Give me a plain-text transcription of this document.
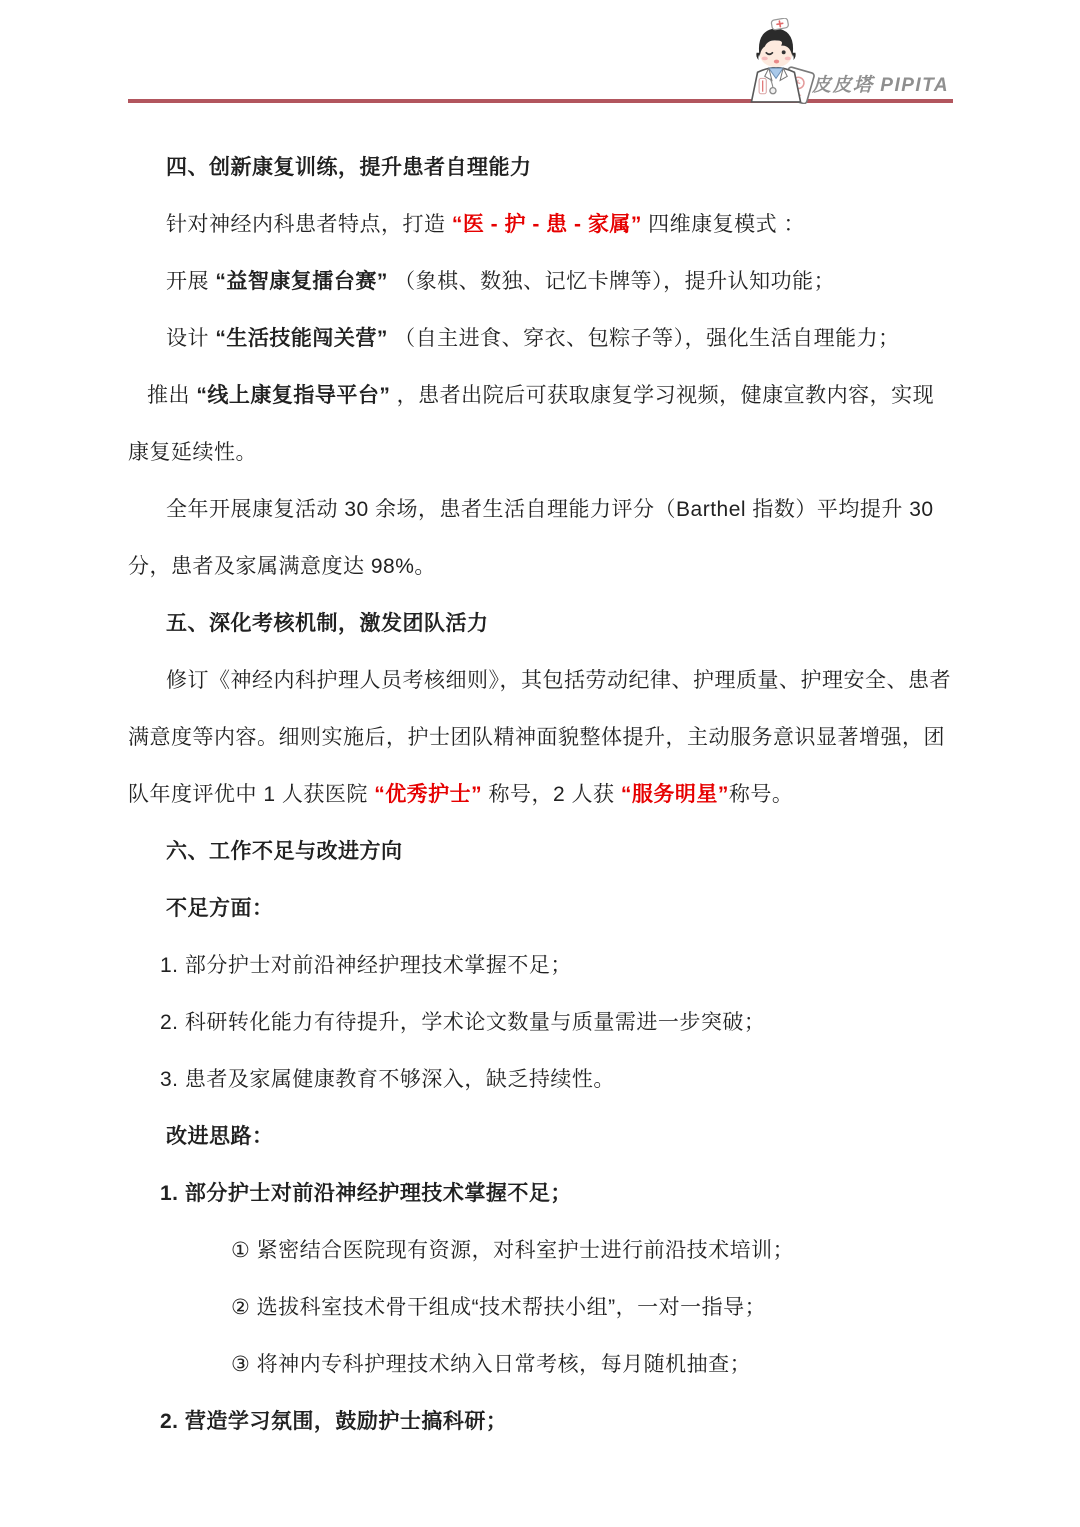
皮皮塔 PIPITA

四、创新康复训练，提升患者自理能力

针对神经内科患者特点，打造 “医 - 护 - 患 - 家属” 四维康复模式 ：

开展 “益智康复擂台赛” （象棋、数独、记忆卡牌等），提升认知功能；

设计 “生活技能闯关营” （自主进食、穿衣、包粽子等），强化生活自理能力；

推出 “线上康复指导平台” ，患者出院后可获取康复学习视频，健康宣教内容，实现康复延续性。

全年开展康复活动 30 余场，患者生活自理能力评分（Barthel 指数）平均提升 30 分，患者及家属满意度达 98%。

五、深化考核机制，激发团队活力

修订《神经内科护理人员考核细则》，其包括劳动纪律、护理质量、护理安全、患者满意度等内容。细则实施后，护士团队精神面貌整体提升，主动服务意识显著增强，团队年度评优中 1 人获医院 “优秀护士” 称号，2 人获 “服务明星”称号。

六、工作不足与改进方向

不足方面：

1. 部分护士对前沿神经护理技术掌握不足；

2. 科研转化能力有待提升，学术论文数量与质量需进一步突破；

3. 患者及家属健康教育不够深入，缺乏持续性。

改进思路：

1. 部分护士对前沿神经护理技术掌握不足；

① 紧密结合医院现有资源，对科室护士进行前沿技术培训；

② 选拔科室技术骨干组成“技术帮扶小组”，一对一指导；

③ 将神内专科护理技术纳入日常考核，每月随机抽查；

2. 营造学习氛围，鼓励护士搞科研；
